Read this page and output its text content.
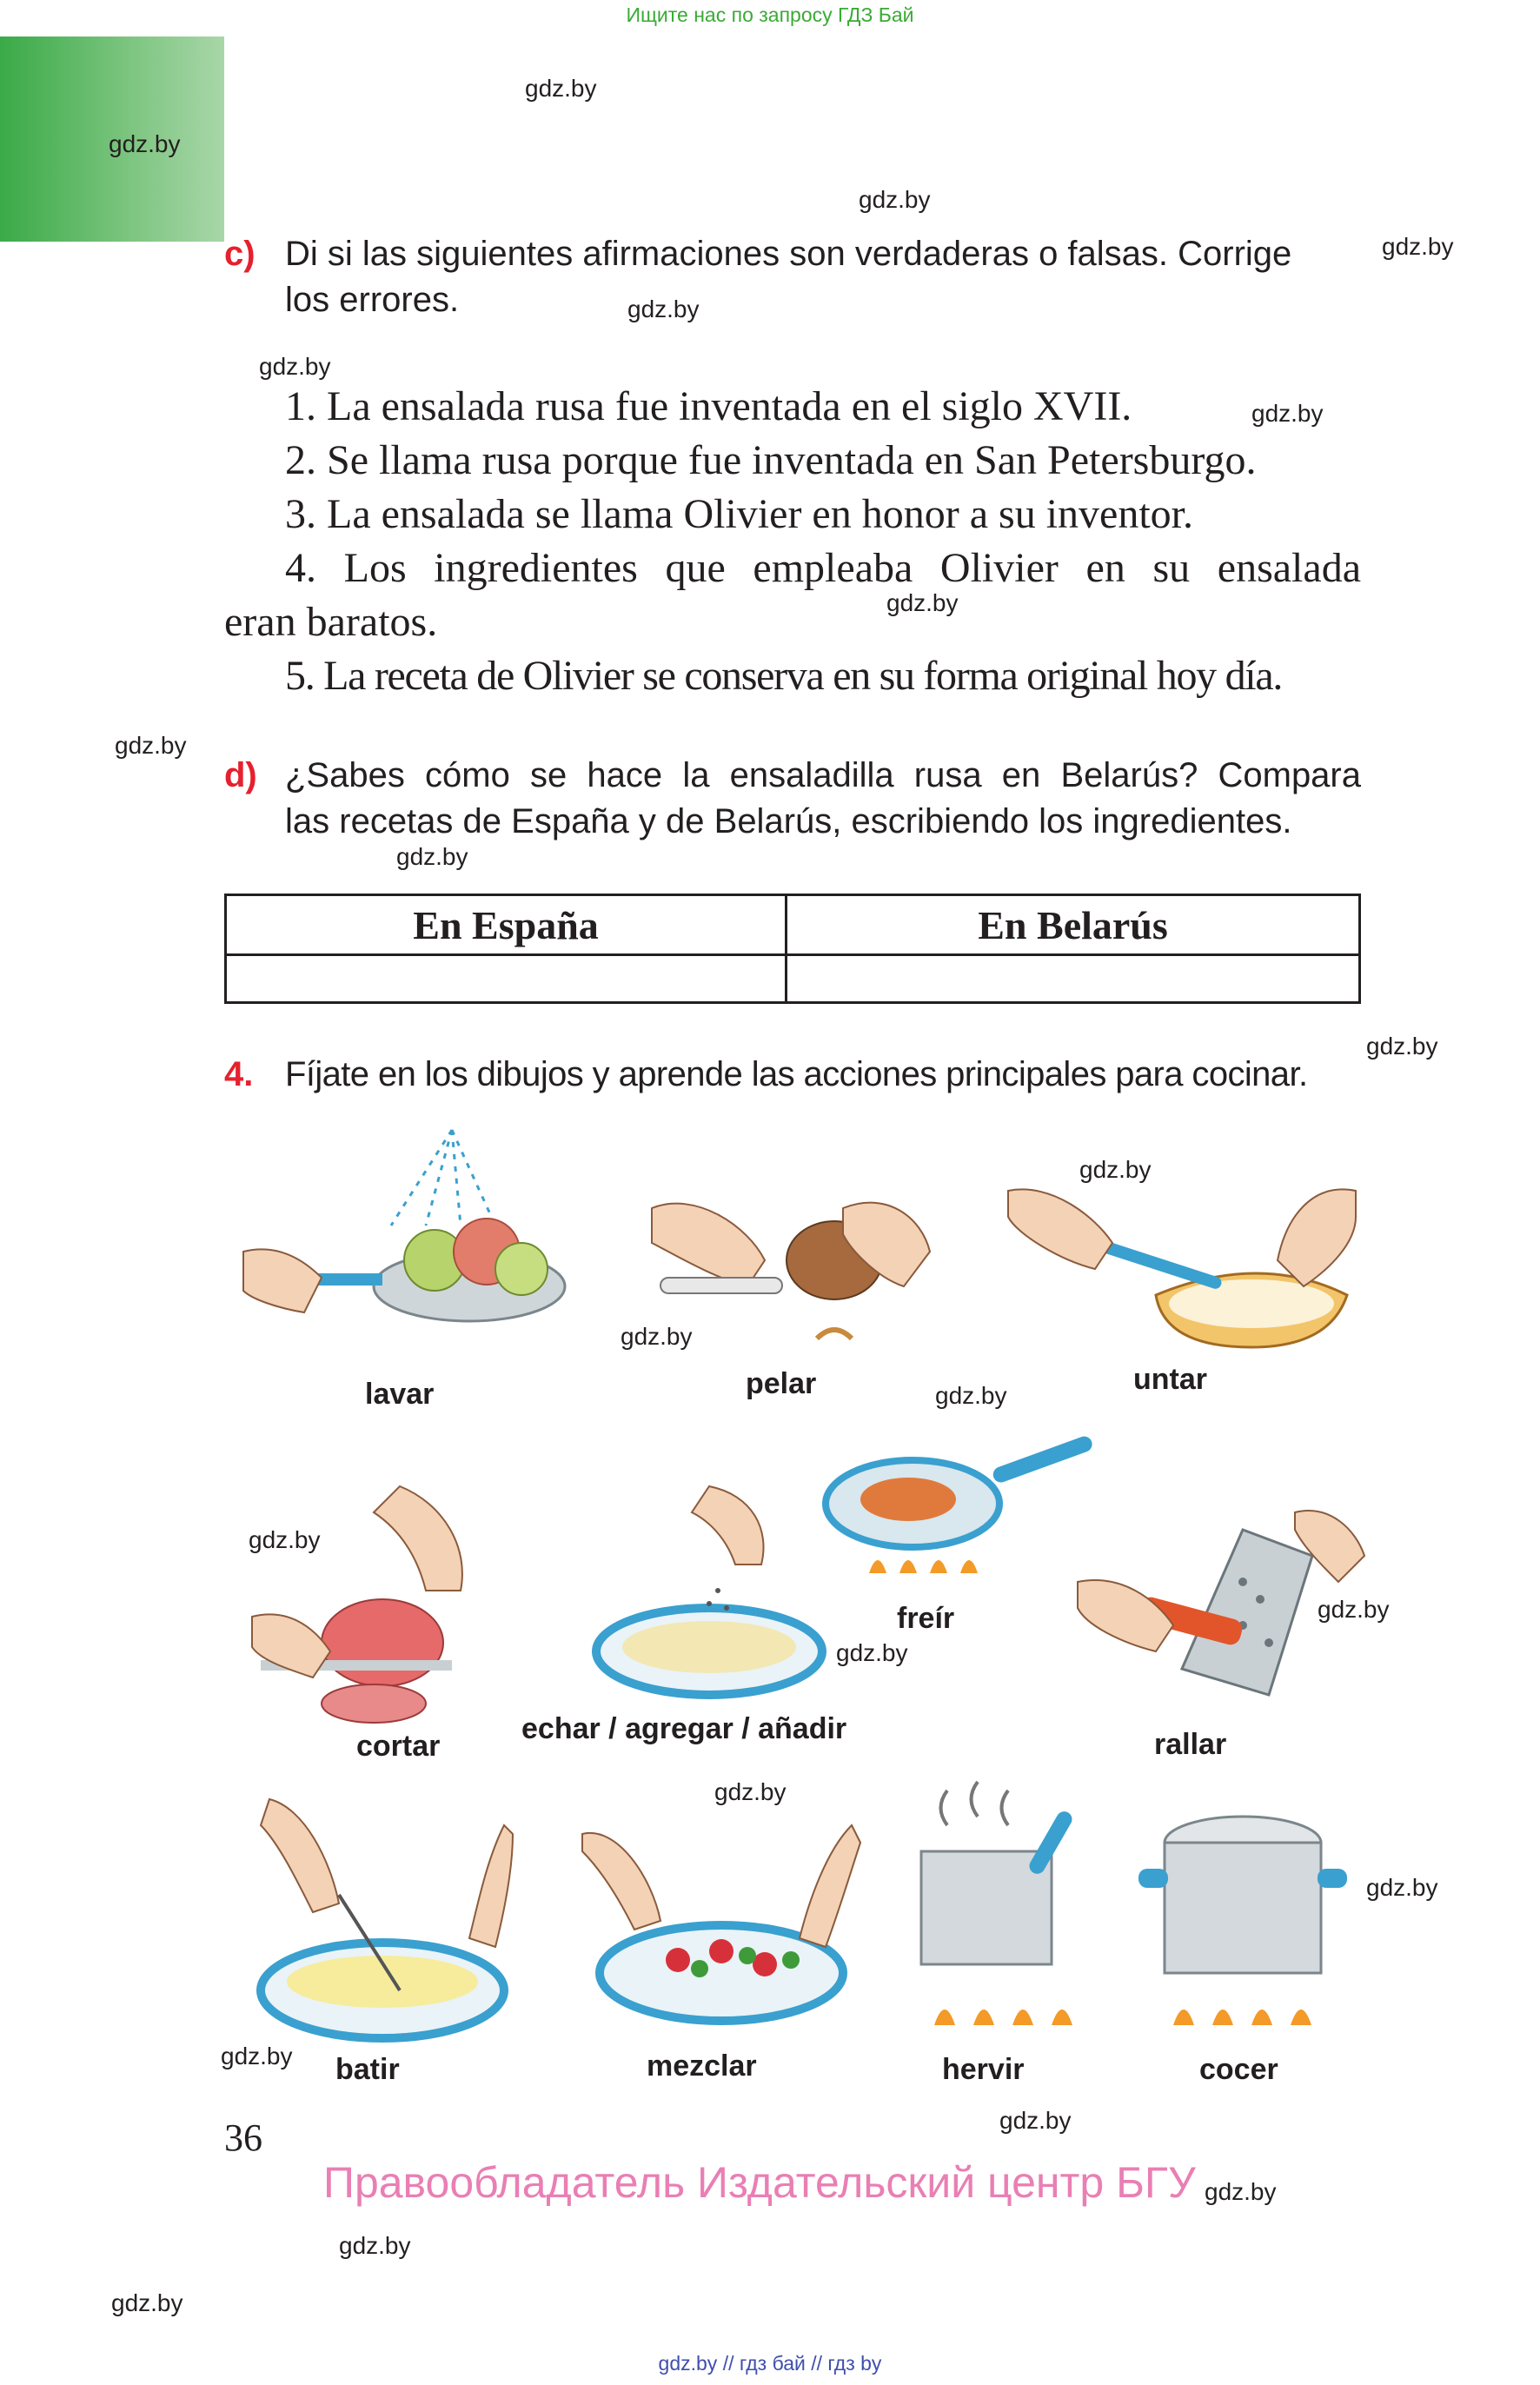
Ищите нас по запросу ГДЗ Бай
gdz.by
gdz.by
gdz.by
gdz.by
gdz.by
gdz.by
gdz.by
gdz.by
gdz.by
gdz.by
gdz.by
gdz.by
gdz.by
gdz.by
gdz.by
gdz.by
gdz.by
gdz.by
gdz.by
gdz.by
gdz.by
gdz.by
gdz.by
gdz.by
c) Di si las siguientes afirmaciones son verdaderas o falsas. Corrige
los errores.
1. La ensalada rusa fue inventada en el siglo XVII.
2. Se llama rusa porque fue inventada en San Petersburgo.
3. La ensalada se llama Olivier en honor a su inventor.
4. Los ingredientes que empleaba Olivier en su ensalada
eran baratos.
5. La receta de Olivier se conserva en su forma original hoy día.
d) ¿Sabes cómo se hace la ensaladilla rusa en Belarús? Compara
las recetas de España y de Belarús, escribiendo los ingredientes.
En España	En Belarús

4. Fíjate en los dibujos y aprende las acciones principales para cocinar.
lavar	pelar	untar
freír
cortar
echar / agregar / añadir	rallar
batir	mezclar	hervir	cocer
36
Правообладатель Издательский центр БГУ
gdz.by // гдз бай // гдз by
